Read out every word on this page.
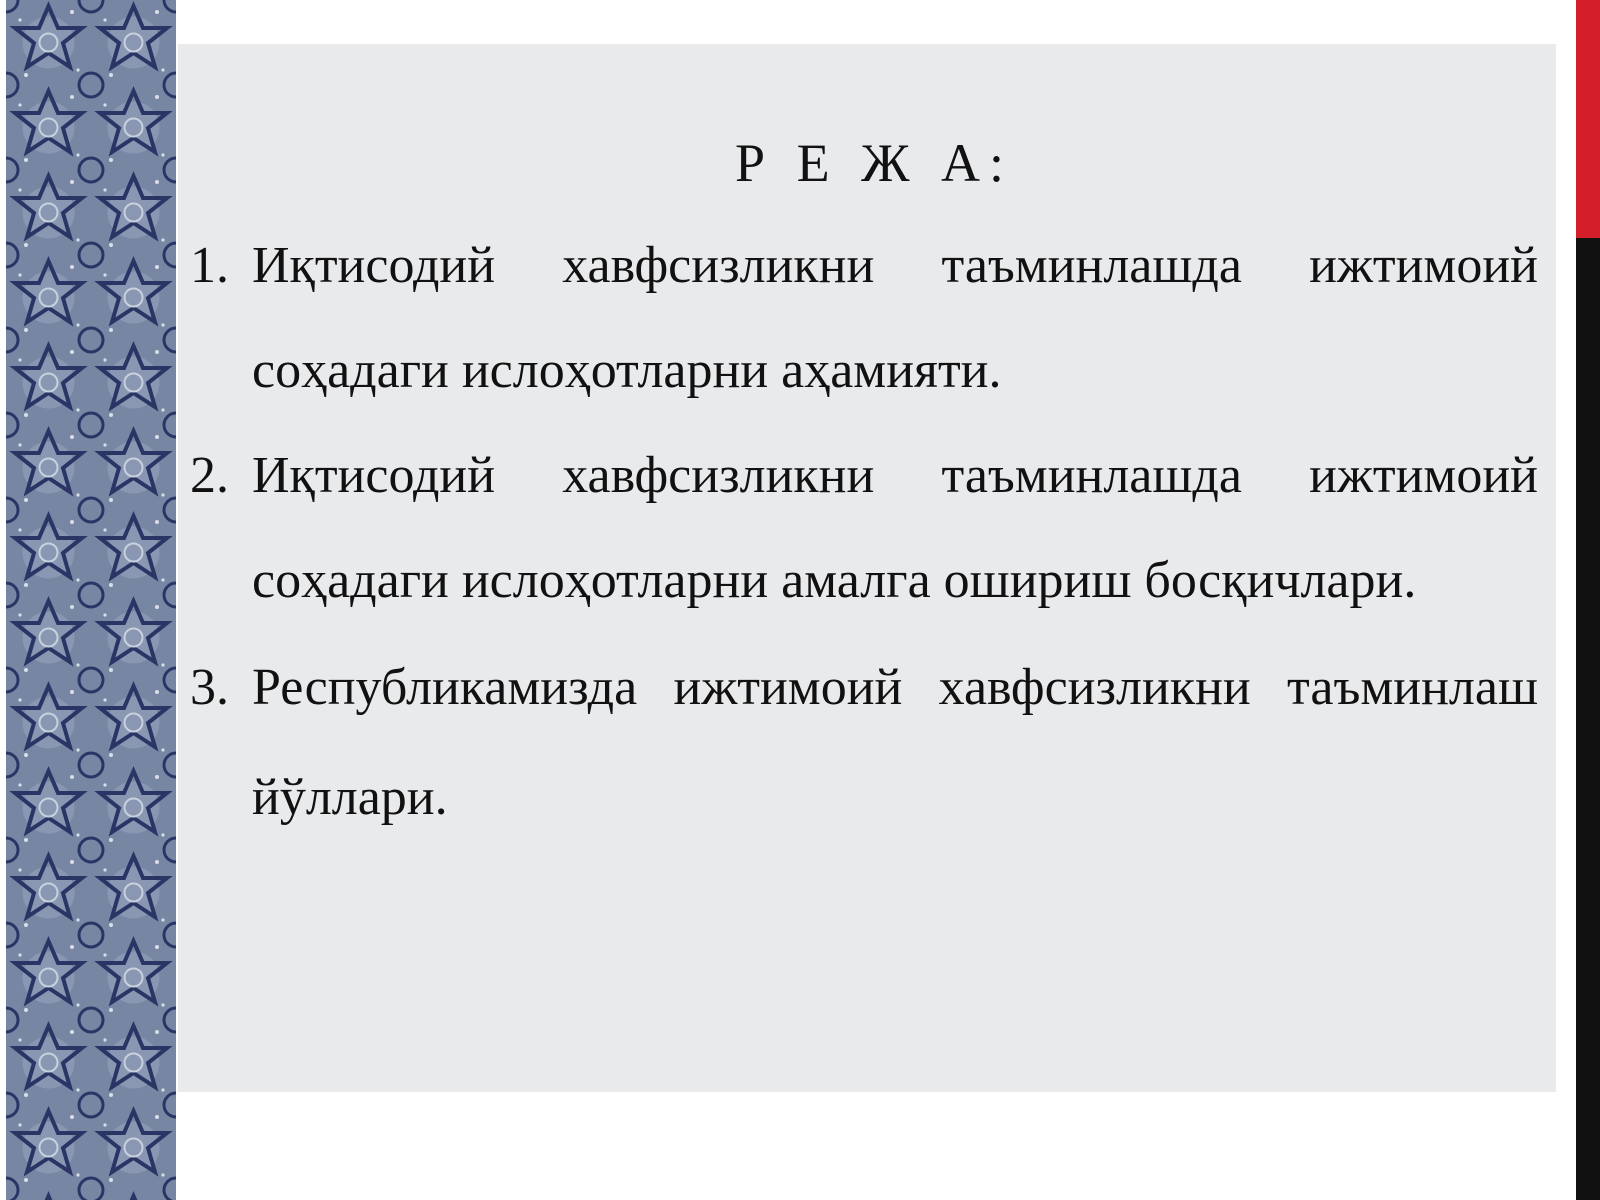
Р Е Ж А:
1. Иқтисодий хавфсизликни таъминлашда ижтимоий соҳадаги ислоҳотларни аҳамияти.
2. Иқтисодий хавфсизликни таъминлашда ижтимоий соҳадаги ислоҳотларни амалга ошириш босқичлари.
3. Республикамизда ижтимоий хавфсизликни таъминлаш йўллари.
